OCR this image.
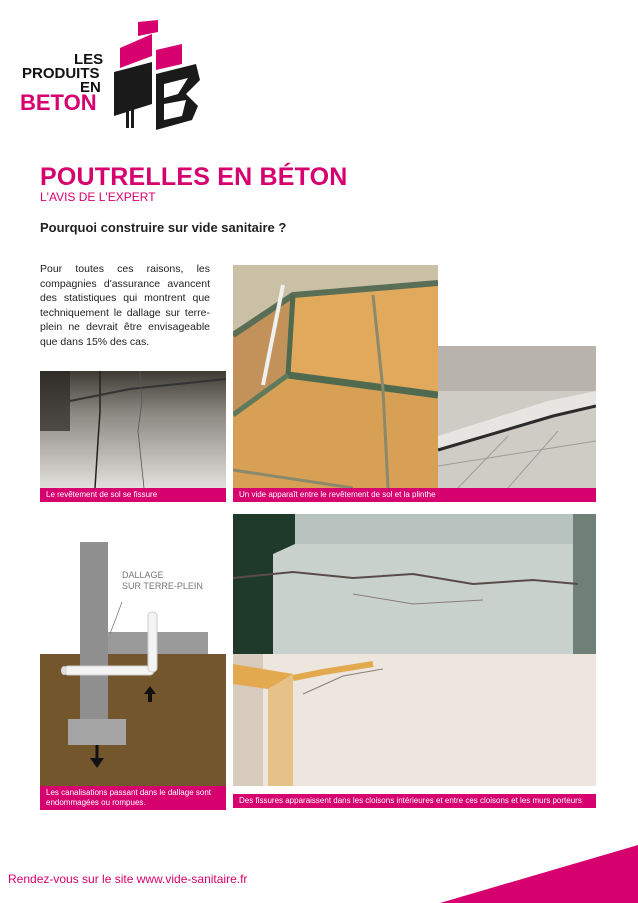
LES
PRODUITS
EN
BETON
POUTRELLES EN BÉTON
L'AVIS DE L'EXPERT
Pourquoi construire sur vide sanitaire ?
Pour toutes ces raisons, les compagnies d'assurance avancent des statistiques qui montrent que techniquement le dallage sur terre-plein ne devrait être envisageable que dans 15% des cas.
Le revêtement de sol se fissure	Un vide apparaît entre le revêtement de sol et la plinthe
DALLAGE
SUR TERRE-PLEIN
Les canalisations passant dans le dallage sont endommagées ou rompues.	Des fissures apparaissent dans les cloisons intérieures et entre ces cloisons et les murs porteurs
Rendez-vous sur le site www.vide-sanitaire.fr
